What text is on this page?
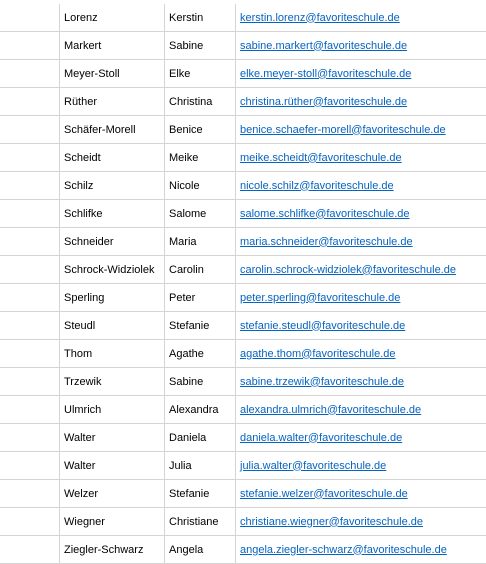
	Lorenz	Kerstin	kerstin.lorenz@favoriteschule.de
	Markert	Sabine	sabine.markert@favoriteschule.de
	Meyer-Stoll	Elke	elke.meyer-stoll@favoriteschule.de
	Rüther	Christina	christina.rüther@favoriteschule.de
	Schäfer-Morell	Benice	benice.schaefer-morell@favoriteschule.de
	Scheidt	Meike	meike.scheidt@favoriteschule.de
	Schilz	Nicole	nicole.schilz@favoriteschule.de
	Schlifke	Salome	salome.schlifke@favoriteschule.de
	Schneider	Maria	maria.schneider@favoriteschule.de
	Schrock-Widziolek	Carolin	carolin.schrock-widziolek@favoriteschule.de
	Sperling	Peter	peter.sperling@favoriteschule.de
	Steudl	Stefanie	stefanie.steudl@favoriteschule.de
	Thom	Agathe	agathe.thom@favoriteschule.de
	Trzewik	Sabine	sabine.trzewik@favoriteschule.de
	Ulmrich	Alexandra	alexandra.ulmrich@favoriteschule.de
	Walter	Daniela	daniela.walter@favoriteschule.de
	Walter	Julia	julia.walter@favoriteschule.de
	Welzer	Stefanie	stefanie.welzer@favoriteschule.de
	Wiegner	Christiane	christiane.wiegner@favoriteschule.de
	Ziegler-Schwarz	Angela	angela.ziegler-schwarz@favoriteschule.de
